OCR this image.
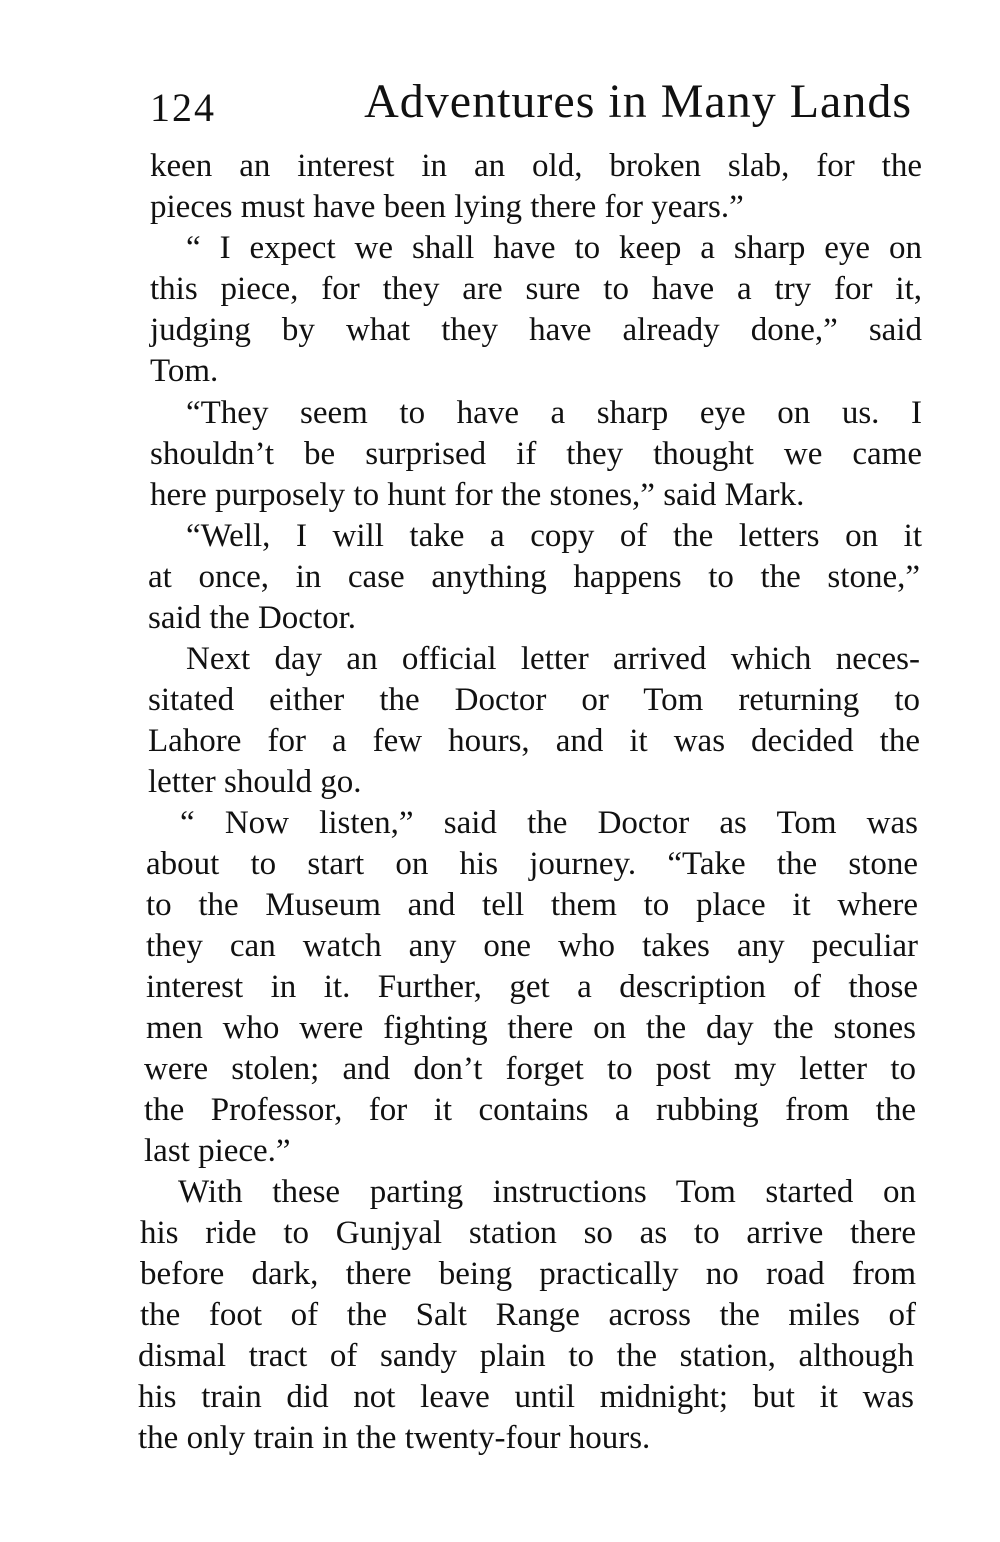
124	Adventures in Many Lands
keen an interest in an old, broken slab, for the
pieces must have been lying there for years.”
“ I expect we shall have to keep a sharp eye on
this piece, for they are sure to have a try for it,
judging by what they have already done,” said
Tom.
“They seem to have a sharp eye on us. I
shouldn’t be surprised if they thought we came
here purposely to hunt for the stones,” said Mark.
“Well, I will take a copy of the letters on it
at once, in case anything happens to the stone,”
said the Doctor.
Next day an official letter arrived which neces-
sitated either the Doctor or Tom returning to
Lahore for a few hours, and it was decided the
letter should go.
“ Now listen,” said the Doctor as Tom was
about to start on his journey. “Take the stone
to the Museum and tell them to place it where
they can watch any one who takes any peculiar
interest in it. Further, get a description of those
men who were fighting there on the day the stones
were stolen; and don’t forget to post my letter to
the Professor, for it contains a rubbing from the
last piece.”
With these parting instructions Tom started on
his ride to Gunjyal station so as to arrive there
before dark, there being practically no road from
the foot of the Salt Range across the miles of
dismal tract of sandy plain to the station, although
his train did not leave until midnight; but it was
the only train in the twenty-four hours.
